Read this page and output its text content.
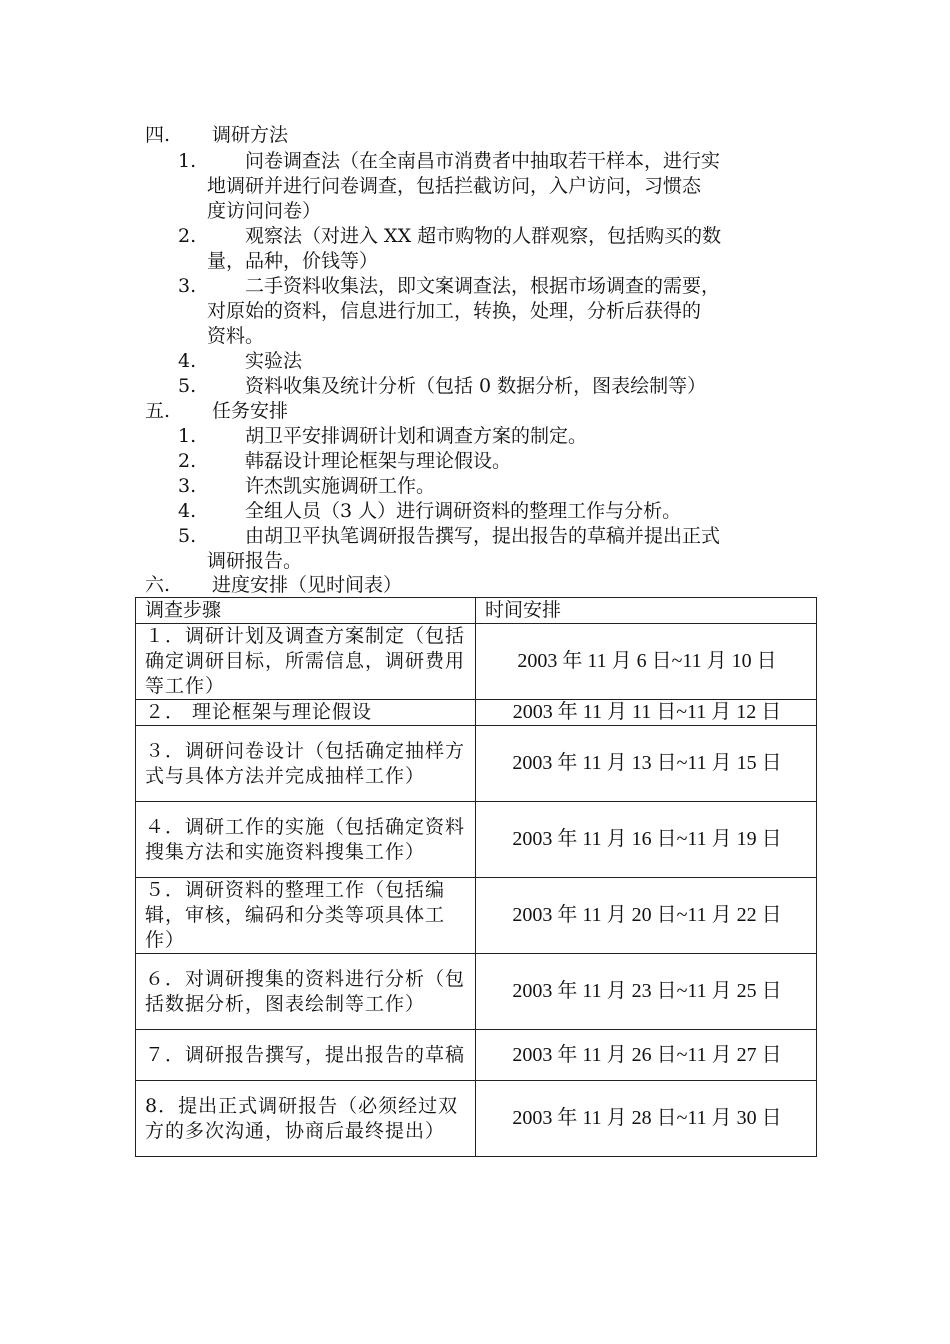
四. 调研方法
1.	问卷调查法（在全南昌市消费者中抽取若干样本，进行实
地调研并进行问卷调查，包括拦截访问，入户访问，习惯态
度访问问卷）
2.	观察法（对进入 XX 超市购物的人群观察，包括购买的数
量，品种，价钱等）
3.	二手资料收集法，即文案调查法，根据市场调查的需要，
对原始的资料，信息进行加工，转换，处理，分析后获得的
资料。
4.	实验法
5.	资料收集及统计分析（包括 0 数据分析，图表绘制等）
五. 任务安排
1.	胡卫平安排调研计划和调查方案的制定。
2.	韩磊设计理论框架与理论假设。
3.	许杰凯实施调研工作。
4.	全组人员（3 人）进行调研资料的整理工作与分析。
5.	由胡卫平执笔调研报告撰写，提出报告的草稿并提出正式
调研报告。
六. 进度安排（见时间表）
调查步骤	时间安排
１．调研计划及调查方案制定（包括确定调研目标，所需信息，调研费用等工作）	2003 年 11 月 6 日~11 月 10 日
２． 理论框架与理论假设	2003 年 11 月 11 日~11 月 12 日
３．调研问卷设计（包括确定抽样方式与具体方法并完成抽样工作）	2003 年 11 月 13 日~11 月 15 日
４．调研工作的实施（包括确定资料搜集方法和实施资料搜集工作）	2003 年 11 月 16 日~11 月 19 日
５．调研资料的整理工作（包括编辑，审核，编码和分类等项具体工作）	2003 年 11 月 20 日~11 月 22 日
６．对调研搜集的资料进行分析（包括数据分析，图表绘制等工作）	2003 年 11 月 23 日~11 月 25 日
７．调研报告撰写，提出报告的草稿	2003 年 11 月 26 日~11 月 27 日
8．提出正式调研报告（必须经过双方的多次沟通，协商后最终提出）	2003 年 11 月 28 日~11 月 30 日
